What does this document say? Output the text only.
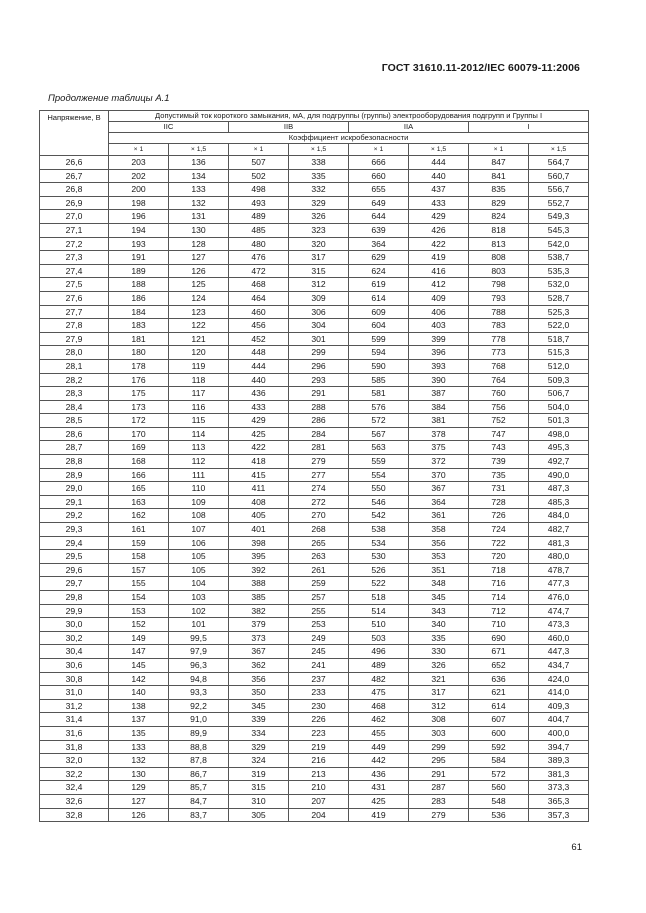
ГОСТ 31610.11-2012/IEC 60079-11:2006
Продолжение таблицы А.1
Напряжение, В	Допустимый ток короткого замыкания, мА, для подгруппы (группы) электрооборудования подгрупп и Группы I							
	IIC		IIB		IIA		I	
	Коэффициент искробезопасности							
	× 1	× 1,5	× 1	× 1,5	× 1	× 1,5	× 1	× 1,5
26,6	203	136	507	338	666	444	847	564,7
26,7	202	134	502	335	660	440	841	560,7
26,8	200	133	498	332	655	437	835	556,7
26,9	198	132	493	329	649	433	829	552,7
27,0	196	131	489	326	644	429	824	549,3
27,1	194	130	485	323	639	426	818	545,3
27,2	193	128	480	320	364	422	813	542,0
27,3	191	127	476	317	629	419	808	538,7
27,4	189	126	472	315	624	416	803	535,3
27,5	188	125	468	312	619	412	798	532,0
27,6	186	124	464	309	614	409	793	528,7
27,7	184	123	460	306	609	406	788	525,3
27,8	183	122	456	304	604	403	783	522,0
27,9	181	121	452	301	599	399	778	518,7
28,0	180	120	448	299	594	396	773	515,3
28,1	178	119	444	296	590	393	768	512,0
28,2	176	118	440	293	585	390	764	509,3
28,3	175	117	436	291	581	387	760	506,7
28,4	173	116	433	288	576	384	756	504,0
28,5	172	115	429	286	572	381	752	501,3
28,6	170	114	425	284	567	378	747	498,0
28,7	169	113	422	281	563	375	743	495,3
28,8	168	112	418	279	559	372	739	492,7
28,9	166	111	415	277	554	370	735	490,0
29,0	165	110	411	274	550	367	731	487,3
29,1	163	109	408	272	546	364	728	485,3
29,2	162	108	405	270	542	361	726	484,0
29,3	161	107	401	268	538	358	724	482,7
29,4	159	106	398	265	534	356	722	481,3
29,5	158	105	395	263	530	353	720	480,0
29,6	157	105	392	261	526	351	718	478,7
29,7	155	104	388	259	522	348	716	477,3
29,8	154	103	385	257	518	345	714	476,0
29,9	153	102	382	255	514	343	712	474,7
30,0	152	101	379	253	510	340	710	473,3
30,2	149	99,5	373	249	503	335	690	460,0
30,4	147	97,9	367	245	496	330	671	447,3
30,6	145	96,3	362	241	489	326	652	434,7
30,8	142	94,8	356	237	482	321	636	424,0
31,0	140	93,3	350	233	475	317	621	414,0
31,2	138	92,2	345	230	468	312	614	409,3
31,4	137	91,0	339	226	462	308	607	404,7
31,6	135	89,9	334	223	455	303	600	400,0
31,8	133	88,8	329	219	449	299	592	394,7
32,0	132	87,8	324	216	442	295	584	389,3
32,2	130	86,7	319	213	436	291	572	381,3
32,4	129	85,7	315	210	431	287	560	373,3
32,6	127	84,7	310	207	425	283	548	365,3
32,8	126	83,7	305	204	419	279	536	357,3
61
